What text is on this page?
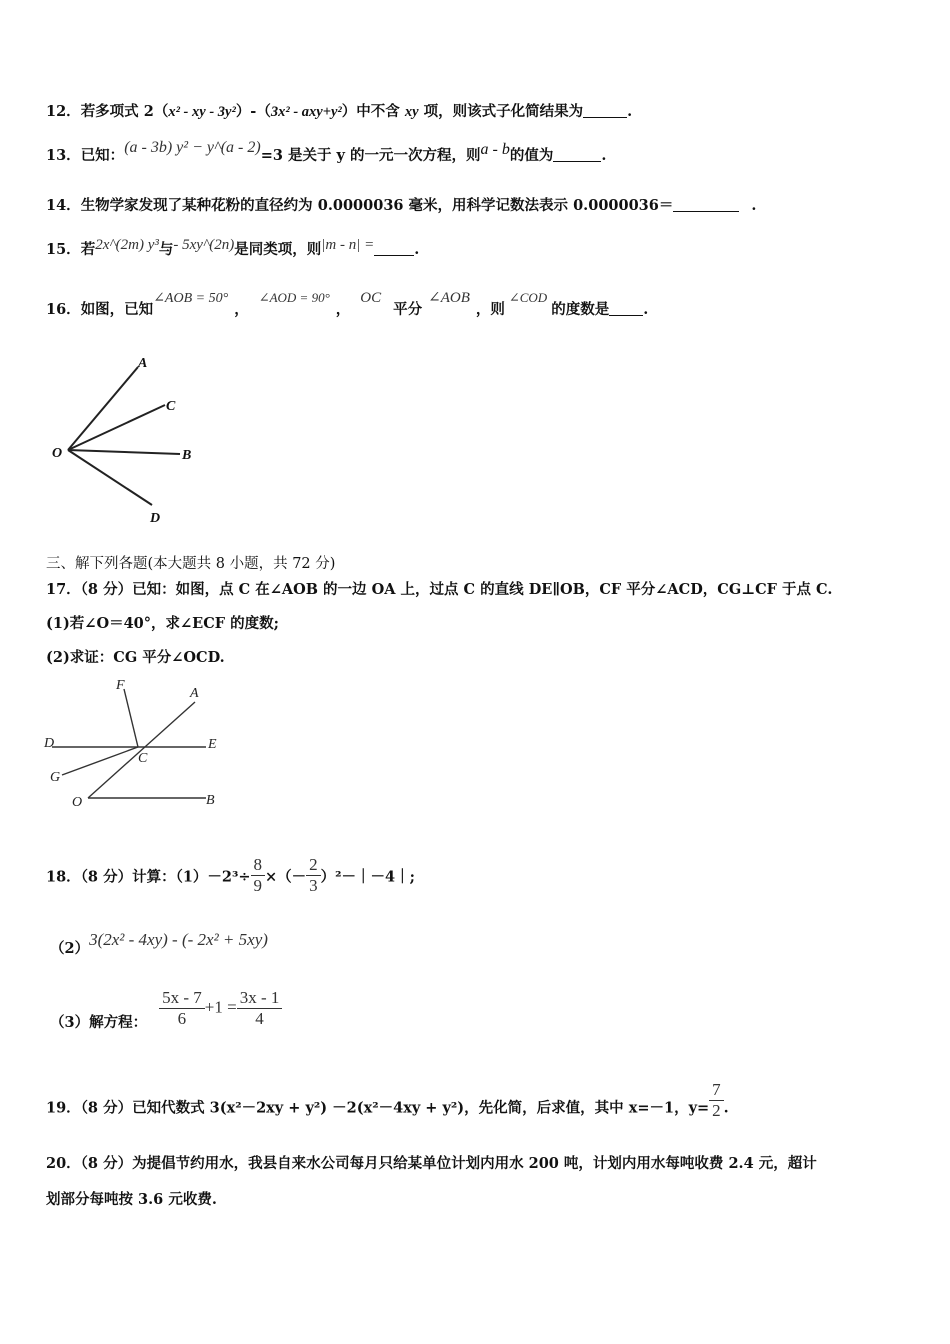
12．若多项式 2（x² - xy - 3y²）-（3x² - axy+y²）中不含 xy 项，则该式子化简结果为	.
13．已知：(a - 3b) y² − y^(a - 2)=3 是关于 y 的一元一次方程，则a - b的值为	.
14．生物学家发现了某种花粉的直径约为 0.0000036 毫米，用科学记数法表示 0.0000036＝	.
15．若2x^(2m) y³与- 5xy^(2n)是同类项，则|m - n| =	.
16．如图，已知∠AOB = 50°，∠AOD = 90°，OC平分∠AOB，则∠COD的度数是 .
A
C
O	B
D
三、解下列各题(本大题共 8 小题，共 72 分)
17．（8 分）已知：如图，点 C 在∠AOB 的一边 OA 上，过点 C 的直线 DE∥OB，CF 平分∠ACD，CG⊥CF 于点 C.
(1)若∠O＝40°，求∠ECF 的度数;
(2)求证：CG 平分∠OCD.
F
A
D
C
E
G
O	B
18．（8 分）计算：$(1)-2^3\div \frac{8}{9}$ ×（－ $\frac{2}{3}$ ）²－｜－4｜;
（2）3(2x² - 4xy) - (- 2x² + 5xy)
（3）解方程： $\frac{5x - 7}{6} +1 = \frac{3x - 1}{4}$
19．（8 分）已知代数式 3(x²－2xy + y²) －2(x²－4xy + y²)，先化简，后求值，其中 x=－1，$y= \frac{7}{2}$ .
20．（8 分）为提倡节约用水，我县自来水公司每月只给某单位计划内用水 200 吨，计划内用水每吨收费 2.4 元，超计
划部分每吨按 3.6 元收费.
